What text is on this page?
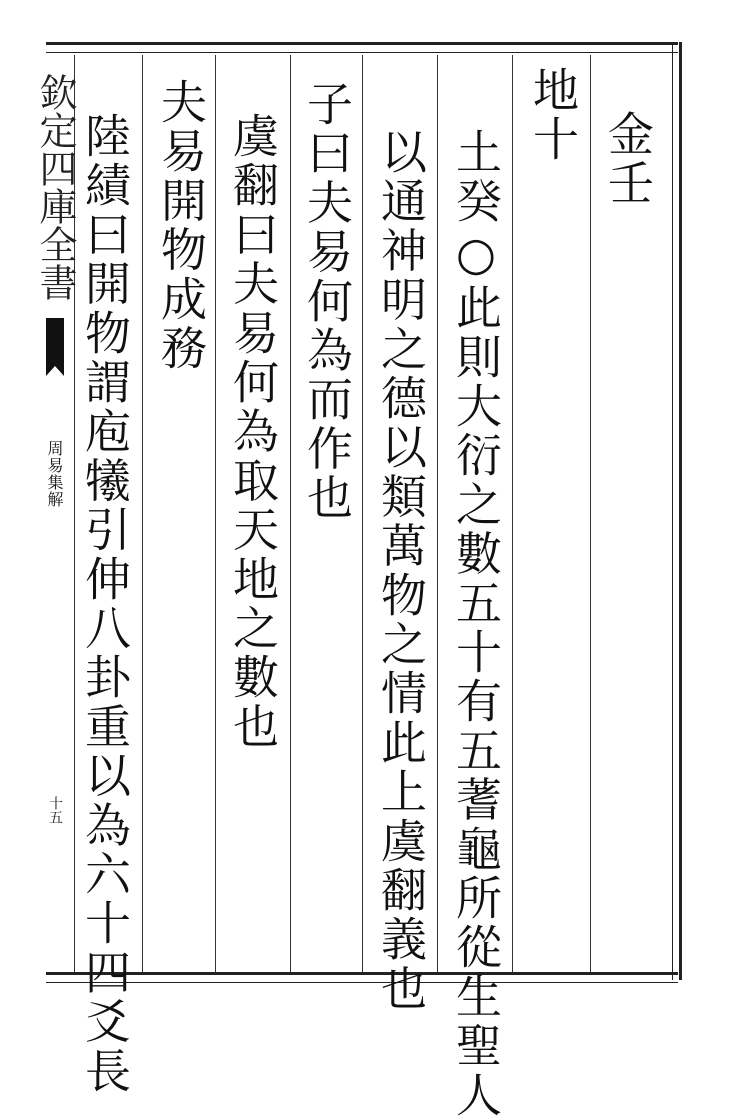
欽定四庫全書
周易集解
十五
金壬
地十
土癸○此則大衍之數五十有五蓍龜所從生聖人
以通神明之德以類萬物之情此上虞翻義也
子曰夫易何為而作也
虞翻曰夫易何為取天地之數也
夫易開物成務
陸績曰開物謂庖犧引伸八卦重以為六十四爻長
